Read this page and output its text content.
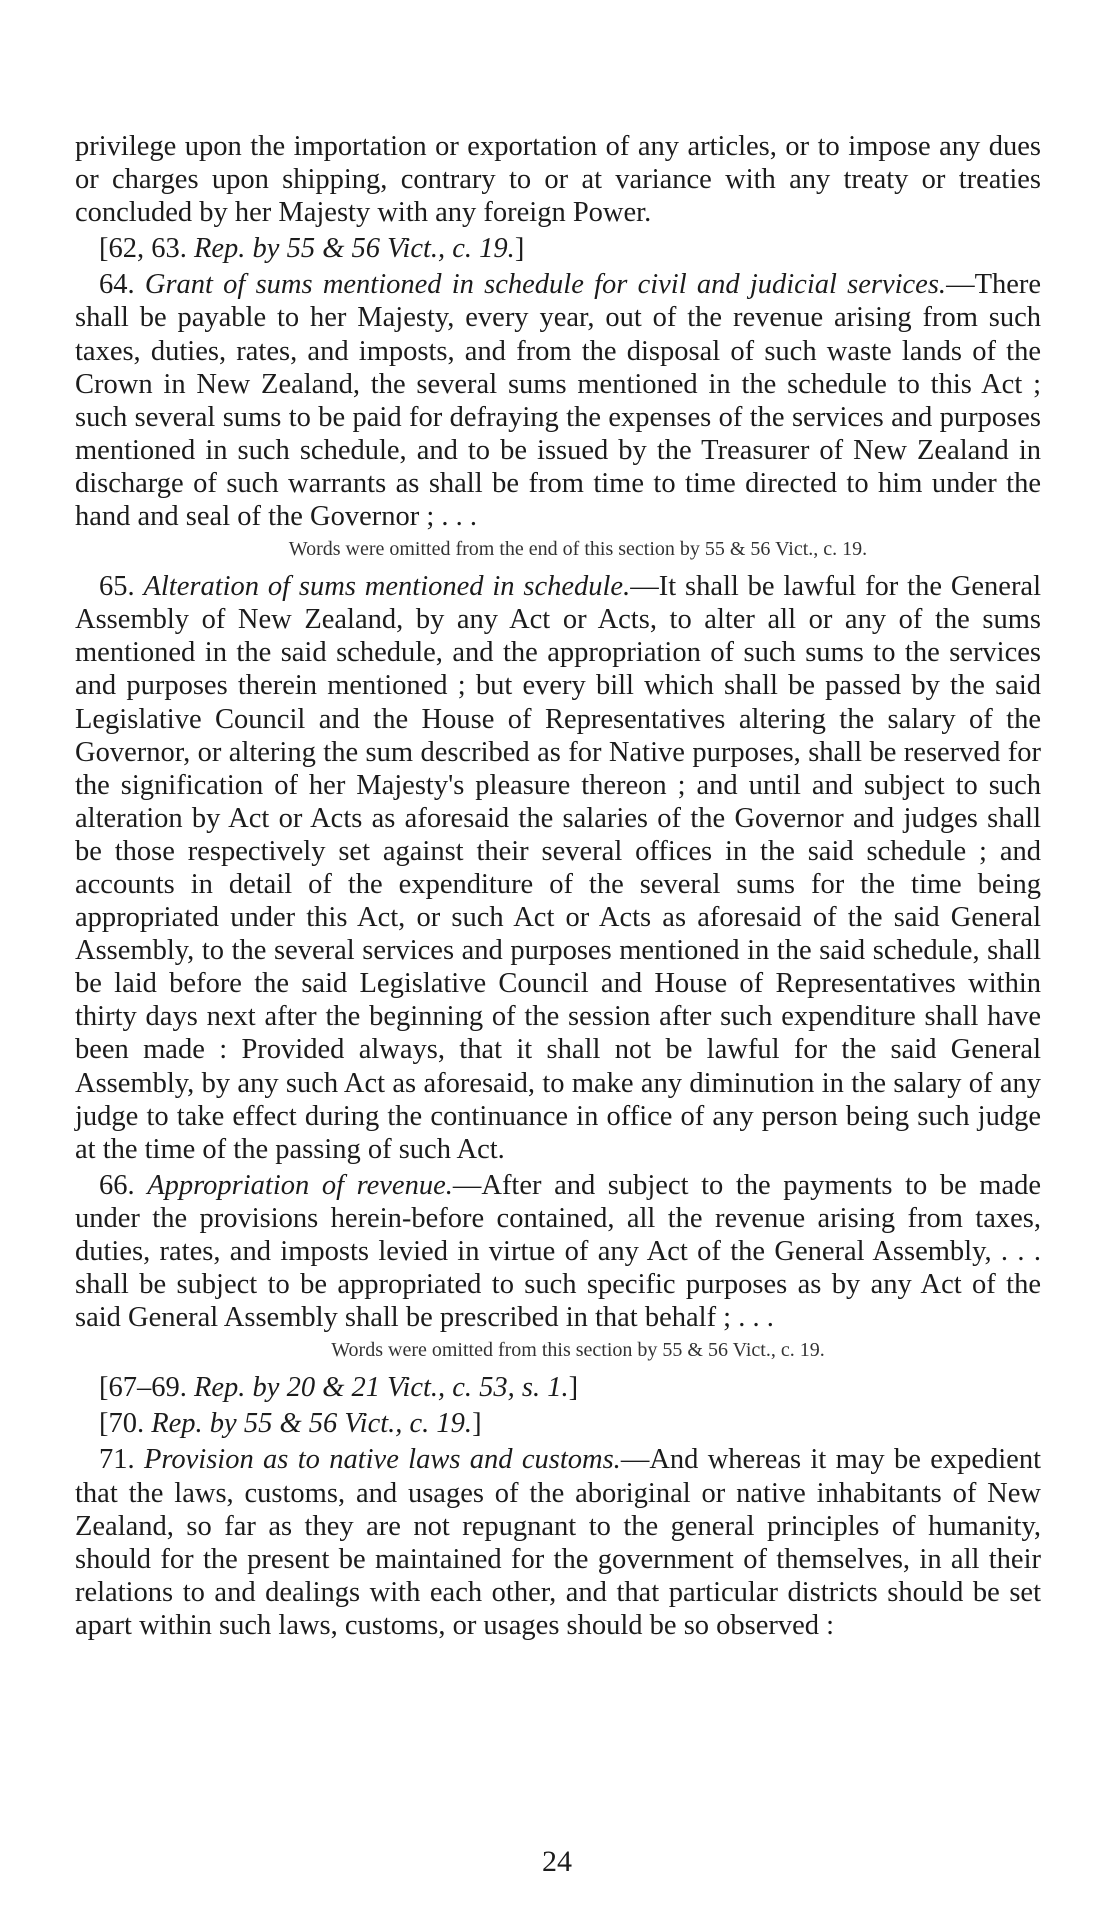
privilege upon the importation or exportation of any articles, or to impose any dues or charges upon shipping, contrary to or at variance with any treaty or treaties concluded by her Majesty with any foreign Power.

[62, 63. Rep. by 55 & 56 Vict., c. 19.]

64. Grant of sums mentioned in schedule for civil and judicial services.—There shall be payable to her Majesty, every year, out of the revenue arising from such taxes, duties, rates, and imposts, and from the disposal of such waste lands of the Crown in New Zealand, the several sums mentioned in the schedule to this Act ; such several sums to be paid for defraying the expenses of the services and purposes mentioned in such schedule, and to be issued by the Treasurer of New Zealand in discharge of such warrants as shall be from time to time directed to him under the hand and seal of the Governor ; . . .

Words were omitted from the end of this section by 55 & 56 Vict., c. 19.

65. Alteration of sums mentioned in schedule.—It shall be lawful for the General Assembly of New Zealand, by any Act or Acts, to alter all or any of the sums mentioned in the said schedule, and the appropriation of such sums to the services and purposes therein mentioned ; but every bill which shall be passed by the said Legislative Council and the House of Representatives altering the salary of the Governor, or altering the sum described as for Native purposes, shall be reserved for the signification of her Majesty's pleasure thereon ; and until and subject to such alteration by Act or Acts as aforesaid the salaries of the Governor and judges shall be those respectively set against their several offices in the said schedule ; and accounts in detail of the expenditure of the several sums for the time being appropriated under this Act, or such Act or Acts as aforesaid of the said General Assembly, to the several services and purposes mentioned in the said schedule, shall be laid before the said Legislative Council and House of Representatives within thirty days next after the beginning of the session after such expenditure shall have been made : Provided always, that it shall not be lawful for the said General Assembly, by any such Act as aforesaid, to make any diminution in the salary of any judge to take effect during the continuance in office of any person being such judge at the time of the passing of such Act.

66. Appropriation of revenue.—After and subject to the payments to be made under the provisions herein-before contained, all the revenue arising from taxes, duties, rates, and imposts levied in virtue of any Act of the General Assembly, . . . shall be subject to be appropriated to such specific purposes as by any Act of the said General Assembly shall be prescribed in that behalf ; . . .

Words were omitted from this section by 55 & 56 Vict., c. 19.

[67–69. Rep. by 20 & 21 Vict., c. 53, s. 1.]

[70. Rep. by 55 & 56 Vict., c. 19.]

71. Provision as to native laws and customs.—And whereas it may be expedient that the laws, customs, and usages of the aboriginal or native inhabitants of New Zealand, so far as they are not repugnant to the general principles of humanity, should for the present be maintained for the government of themselves, in all their relations to and dealings with each other, and that particular districts should be set apart within such laws, customs, or usages should be so observed :

24
